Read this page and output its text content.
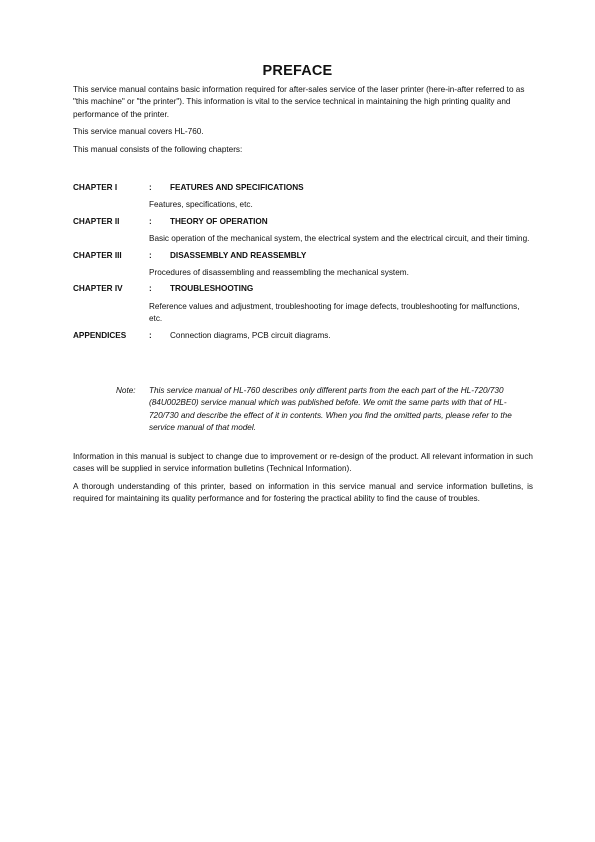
PREFACE

This service manual contains basic information required for after-sales service of the laser printer (here-in-after referred to as "this machine" or "the printer"). This information is vital to the service technical in maintaining the high printing quality and performance of the printer.

This service manual covers HL-760.

This manual consists of the following chapters:

CHAPTER I	: FEATURES AND SPECIFICATIONS
Features, specifications, etc.
CHAPTER II	: THEORY OF OPERATION
Basic operation of the mechanical system, the electrical system and the electrical circuit, and their timing.
CHAPTER III	: DISASSEMBLY AND REASSEMBLY
Procedures of disassembling and reassembling the mechanical system.
CHAPTER IV	: TROUBLESHOOTING
Reference values and adjustment, troubleshooting for image defects, troubleshooting for malfunctions, etc.
APPENDICES	: Connection diagrams, PCB circuit diagrams.
Note: This service manual of HL-760 describes only different parts from the each part of the HL-720/730 (84U002BE0) service manual which was published befofe. We omit the same parts with that of HL-720/730 and describe the effect of it in contents. When you find the omitted parts, please refer to the service manual of that model.

Information in this manual is subject to change due to improvement or re-design of the product. All relevant information in such cases will be supplied in service information bulletins (Technical Information).

A thorough understanding of this printer, based on information in this service manual and service information bulletins, is required for maintaining its quality performance and for fostering the practical ability to find the cause of troubles.
